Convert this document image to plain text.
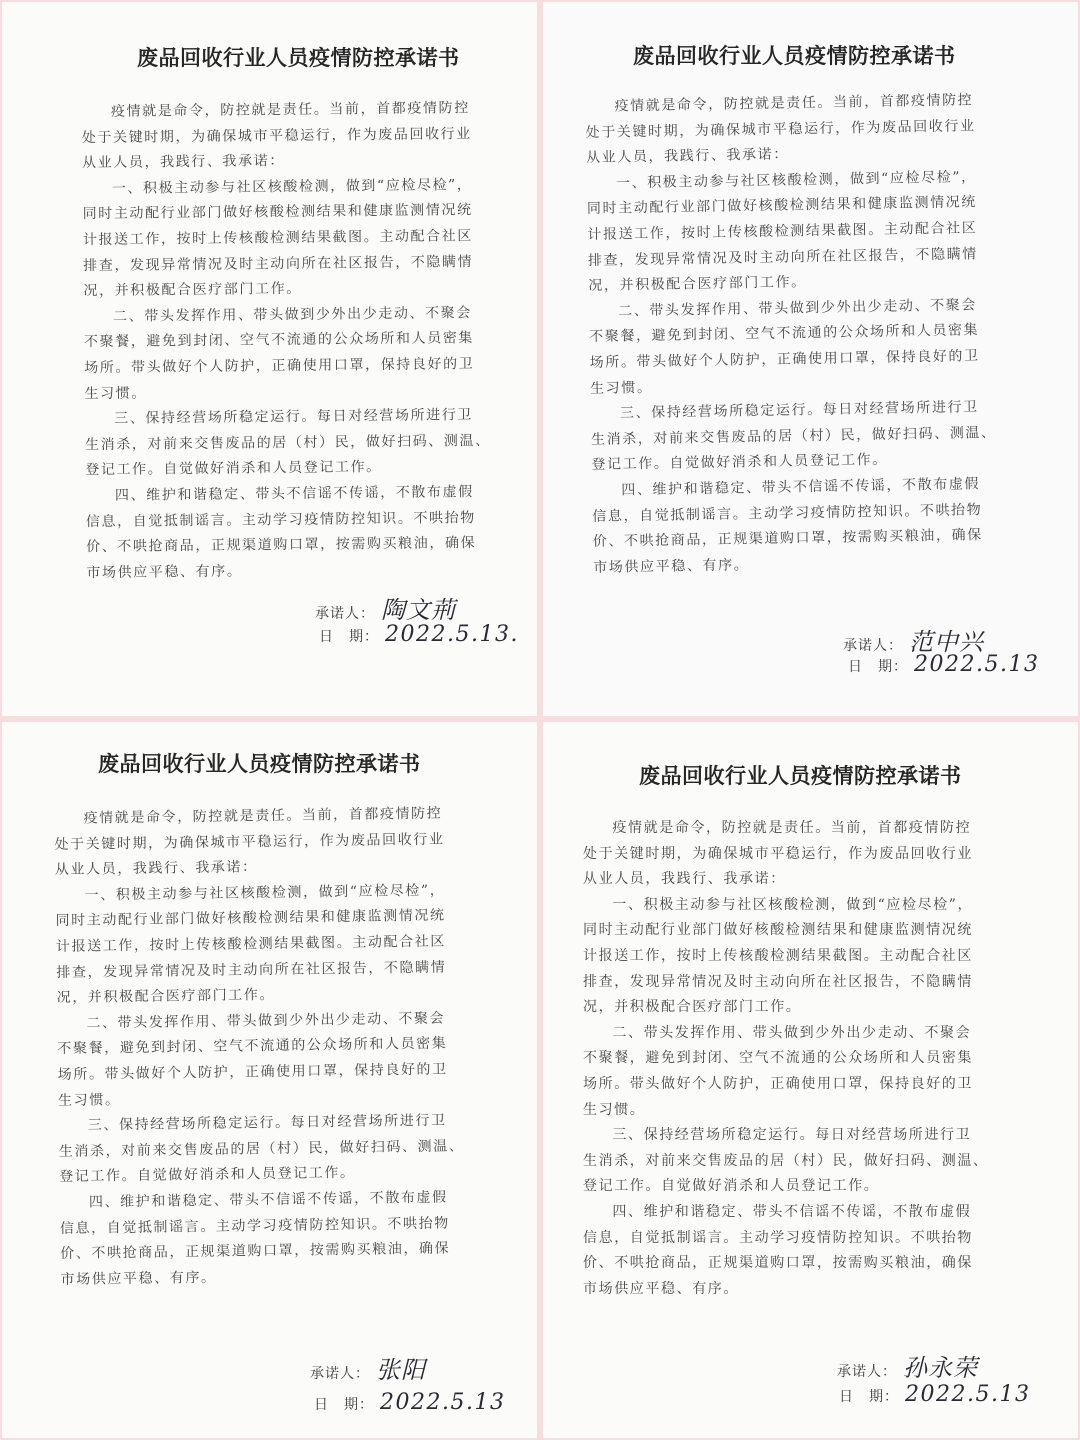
废品回收行业人员疫情防控承诺书
疫情就是命令，防控就是责任。当前，首都疫情防控
处于关键时期，为确保城市平稳运行，作为废品回收行业
从业人员，我践行、我承诺：
一、积极主动参与社区核酸检测，做到“应检尽检”，
同时主动配行业部门做好核酸检测结果和健康监测情况统
计报送工作，按时上传核酸检测结果截图。主动配合社区
排查，发现异常情况及时主动向所在社区报告，不隐瞒情
况，并积极配合医疗部门工作。
二、带头发挥作用、带头做到少外出少走动、不聚会
不聚餐，避免到封闭、空气不流通的公众场所和人员密集
场所。带头做好个人防护，正确使用口罩，保持良好的卫
生习惯。
三、保持经营场所稳定运行。每日对经营场所进行卫
生消杀，对前来交售废品的居（村）民，做好扫码、测温、
登记工作。自觉做好消杀和人员登记工作。
四、维护和谐稳定、带头不信谣不传谣，不散布虚假
信息，自觉抵制谣言。主动学习疫情防控知识。不哄抬物
价、不哄抢商品，正规渠道购口罩，按需购买粮油，确保
市场供应平稳、有序。
承诺人： 陶文荊
日　期： 2022.5.13.
废品回收行业人员疫情防控承诺书
疫情就是命令，防控就是责任。当前，首都疫情防控
处于关键时期，为确保城市平稳运行，作为废品回收行业
从业人员，我践行、我承诺：
一、积极主动参与社区核酸检测，做到“应检尽检”，
同时主动配行业部门做好核酸检测结果和健康监测情况统
计报送工作，按时上传核酸检测结果截图。主动配合社区
排查，发现异常情况及时主动向所在社区报告，不隐瞒情
况，并积极配合医疗部门工作。
二、带头发挥作用、带头做到少外出少走动、不聚会
不聚餐，避免到封闭、空气不流通的公众场所和人员密集
场所。带头做好个人防护，正确使用口罩，保持良好的卫
生习惯。
三、保持经营场所稳定运行。每日对经营场所进行卫
生消杀，对前来交售废品的居（村）民，做好扫码、测温、
登记工作。自觉做好消杀和人员登记工作。
四、维护和谐稳定、带头不信谣不传谣，不散布虚假
信息，自觉抵制谣言。主动学习疫情防控知识。不哄抬物
价、不哄抢商品，正规渠道购口罩，按需购买粮油，确保
市场供应平稳、有序。
承诺人： 范中兴
日　期： 2022.5.13
废品回收行业人员疫情防控承诺书
疫情就是命令，防控就是责任。当前，首都疫情防控
处于关键时期，为确保城市平稳运行，作为废品回收行业
从业人员，我践行、我承诺：
一、积极主动参与社区核酸检测，做到“应检尽检”，
同时主动配行业部门做好核酸检测结果和健康监测情况统
计报送工作，按时上传核酸检测结果截图。主动配合社区
排查，发现异常情况及时主动向所在社区报告，不隐瞒情
况，并积极配合医疗部门工作。
二、带头发挥作用、带头做到少外出少走动、不聚会
不聚餐，避免到封闭、空气不流通的公众场所和人员密集
场所。带头做好个人防护，正确使用口罩，保持良好的卫
生习惯。
三、保持经营场所稳定运行。每日对经营场所进行卫
生消杀，对前来交售废品的居（村）民，做好扫码、测温、
登记工作。自觉做好消杀和人员登记工作。
四、维护和谐稳定、带头不信谣不传谣，不散布虚假
信息，自觉抵制谣言。主动学习疫情防控知识。不哄抬物
价、不哄抢商品，正规渠道购口罩，按需购买粮油，确保
市场供应平稳、有序。
承诺人： 张阳
日　期： 2022.5.13
废品回收行业人员疫情防控承诺书
疫情就是命令，防控就是责任。当前，首都疫情防控
处于关键时期，为确保城市平稳运行，作为废品回收行业
从业人员，我践行、我承诺：
一、积极主动参与社区核酸检测，做到“应检尽检”，
同时主动配行业部门做好核酸检测结果和健康监测情况统
计报送工作，按时上传核酸检测结果截图。主动配合社区
排查，发现异常情况及时主动向所在社区报告，不隐瞒情
况，并积极配合医疗部门工作。
二、带头发挥作用、带头做到少外出少走动、不聚会
不聚餐，避免到封闭、空气不流通的公众场所和人员密集
场所。带头做好个人防护，正确使用口罩，保持良好的卫
生习惯。
三、保持经营场所稳定运行。每日对经营场所进行卫
生消杀，对前来交售废品的居（村）民，做好扫码、测温、
登记工作。自觉做好消杀和人员登记工作。
四、维护和谐稳定、带头不信谣不传谣，不散布虚假
信息，自觉抵制谣言。主动学习疫情防控知识。不哄抬物
价、不哄抢商品，正规渠道购口罩，按需购买粮油，确保
市场供应平稳、有序。
承诺人： 孙永荣
日　期： 2022.5.13
